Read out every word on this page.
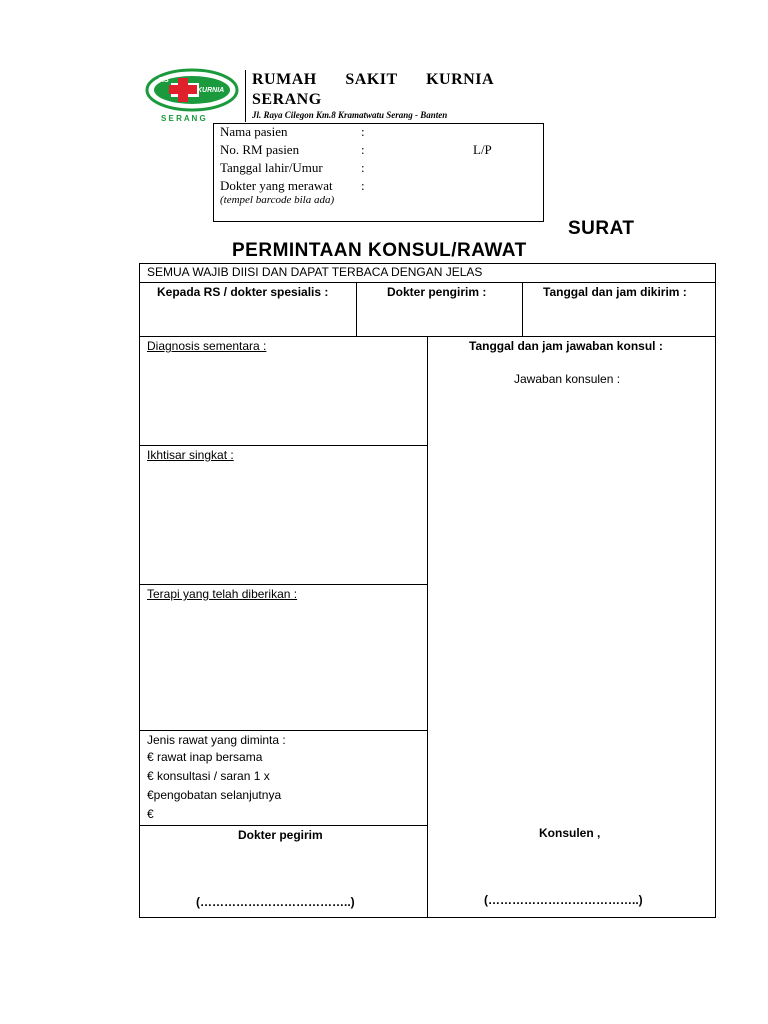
RS
KURNIA
S E R A N G
RUMAH SAKIT KURNIA SERANG
Jl. Raya Cilegon Km.8 Kramatwatu Serang - Banten
Nama pasien	:
No. RM pasien	:	L/P
Tanggal lahir/Umur	:
Dokter yang merawat :
(tempel barcode bila ada)
SURAT
PERMINTAAN KONSUL/RAWAT
SEMUA WAJIB DIISI DAN DAPAT TERBACA DENGAN JELAS
Kepada RS / dokter spesialis :	Dokter pengirim :	Tanggal dan jam dikirim :
Diagnosis sementara :
Ikhtisar singkat :
Terapi yang telah diberikan :
Jenis rawat yang diminta :
€ rawat inap bersama
€ konsultasi / saran 1 x
€pengobatan selanjutnya
€
Tanggal dan jam jawaban konsul :
Jawaban konsulen :
Dokter pegirim	Konsulen ,
(………………………………..)	(………………………………..)
